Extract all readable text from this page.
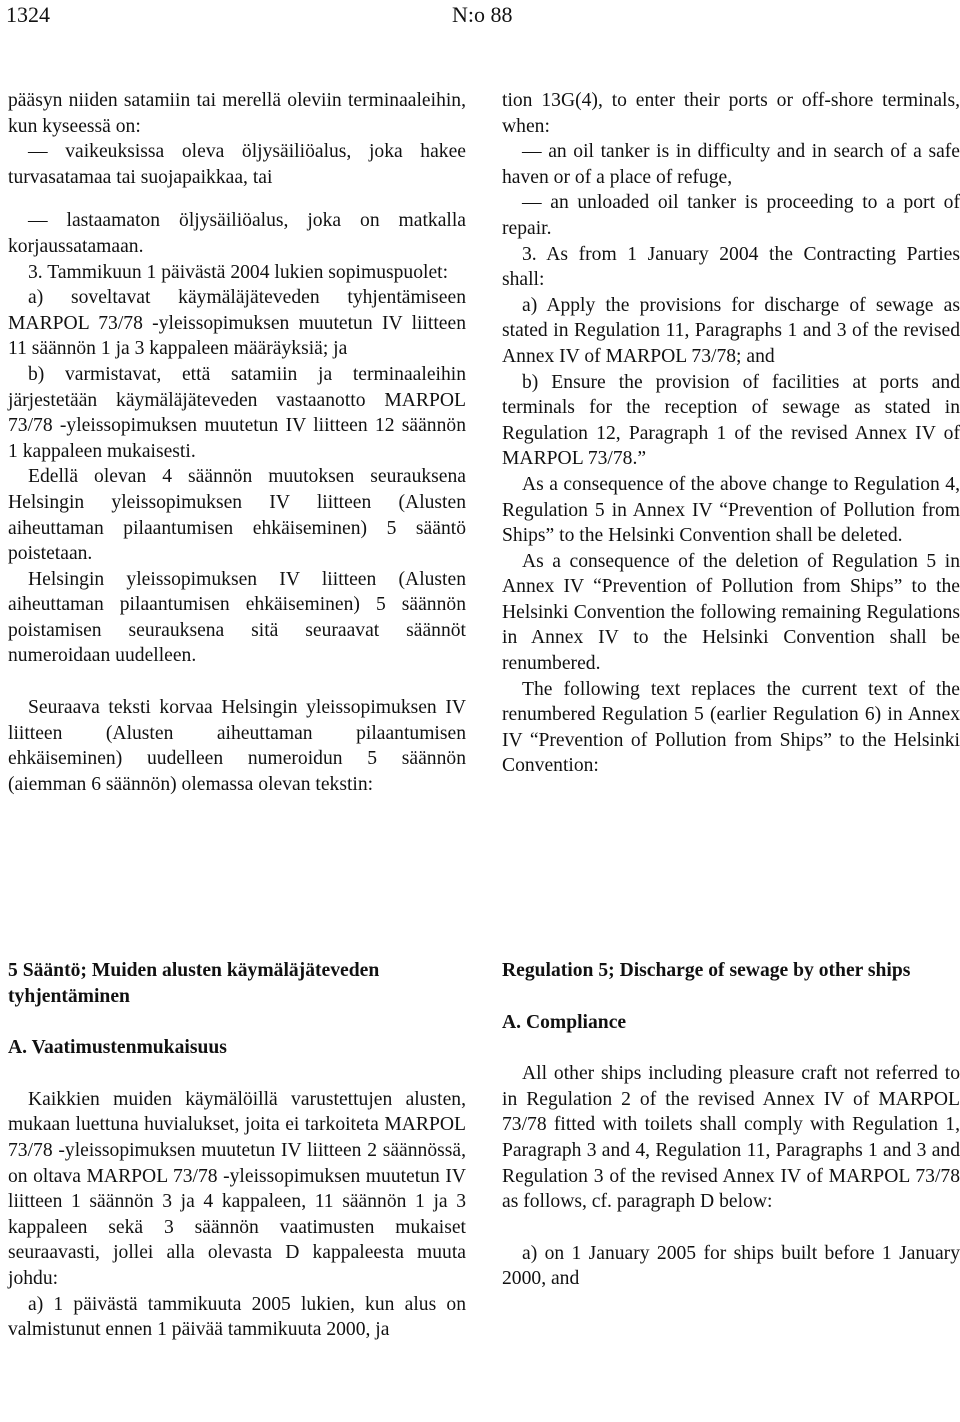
1324	N:o 88

pääsyn niiden satamiin tai merellä oleviin terminaaleihin, kun kyseessä on:

— vaikeuksissa oleva öljysäiliöalus, joka hakee turvasatamaa tai suojapaikkaa, tai

— lastaamaton öljysäiliöalus, joka on matkalla korjaussatamaan.

3. Tammikuun 1 päivästä 2004 lukien sopimuspuolet:

a) soveltavat käymäläjäteveden tyhjentämiseen MARPOL 73/78 -yleissopimuksen muutetun IV liitteen 11 säännön 1 ja 3 kappaleen määräyksiä; ja

b) varmistavat, että satamiin ja terminaaleihin järjestetään käymäläjäteveden vastaanotto MARPOL 73/78 -yleissopimuksen muutetun IV liitteen 12 säännön 1 kappaleen mukaisesti.

Edellä olevan 4 säännön muutoksen seurauksena Helsingin yleissopimuksen IV liitteen (Alusten aiheuttaman pilaantumisen ehkäiseminen) 5 sääntö poistetaan.

Helsingin yleissopimuksen IV liitteen (Alusten aiheuttaman pilaantumisen ehkäiseminen) 5 säännön poistamisen seurauksena sitä seuraavat säännöt numeroidaan uudelleen.

Seuraava teksti korvaa Helsingin yleissopimuksen IV liitteen (Alusten aiheuttaman pilaantumisen ehkäiseminen) uudelleen numeroidun 5 säännön (aiemman 6 säännön) olemassa olevan tekstin:

5 Sääntö; Muiden alusten käymäläjäteveden tyhjentäminen
A. Vaatimustenmukaisuus

Kaikkien muiden käymälöillä varustettujen alusten, mukaan luettuna huvialukset, joita ei tarkoiteta MARPOL 73/78 -yleissopimuksen muutetun IV liitteen 2 säännössä, on oltava MARPOL 73/78 -yleissopimuksen muutetun IV liitteen 1 säännön 3 ja 4 kappaleen, 11 säännön 1 ja 3 kappaleen sekä 3 säännön vaatimusten mukaiset seuraavasti, jollei alla olevasta D kappaleesta muuta johdu:

a) 1 päivästä tammikuuta 2005 lukien, kun alus on valmistunut ennen 1 päivää tammikuuta 2000, ja

tion 13G(4), to enter their ports or off-shore terminals, when:

— an oil tanker is in difficulty and in search of a safe haven or of a place of refuge,

— an unloaded oil tanker is proceeding to a port of repair.

3. As from 1 January 2004 the Contracting Parties shall:

a) Apply the provisions for discharge of sewage as stated in Regulation 11, Paragraphs 1 and 3 of the revised Annex IV of MARPOL 73/78; and

b) Ensure the provision of facilities at ports and terminals for the reception of sewage as stated in Regulation 12, Paragraph 1 of the revised Annex IV of MARPOL 73/78.”

As a consequence of the above change to Regulation 4, Regulation 5 in Annex IV “Prevention of Pollution from Ships” to the Helsinki Convention shall be deleted.

As a consequence of the deletion of Regulation 5 in Annex IV “Prevention of Pollution from Ships” to the Helsinki Convention the following remaining Regulations in Annex IV to the Helsinki Convention shall be renumbered.

The following text replaces the current text of the renumbered Regulation 5 (earlier Regulation 6) in Annex IV “Prevention of Pollution from Ships” to the Helsinki Convention:

Regulation 5; Discharge of sewage by other ships
A. Compliance

All other ships including pleasure craft not referred to in Regulation 2 of the revised Annex IV of MARPOL 73/78 fitted with toilets shall comply with Regulation 1, Paragraph 3 and 4, Regulation 11, Paragraphs 1 and 3 and Regulation 3 of the revised Annex IV of MARPOL 73/78 as follows, cf. paragraph D below:

a) on 1 January 2005 for ships built before 1 January 2000, and
